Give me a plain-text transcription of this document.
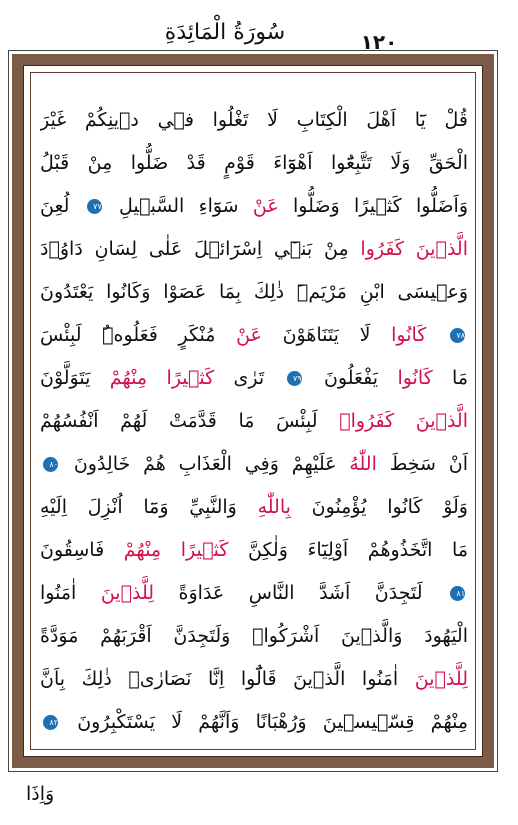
١٢٠
سُورَةُ الْمَائِدَةِ
قُلْ يَٓا اَهْلَ الْكِتَابِ لَا تَغْلُوا ف۪ي د۪ينِكُمْ غَيْرَ
الْحَقِّ وَلَا تَتَّبِعُٓوا اَهْوَٓاءَ قَوْمٍ قَدْ ضَلُّوا مِنْ قَبْلُ
وَاَضَلُّوا كَث۪يرًا وَضَلُّوا عَنْ سَوَٓاءِ السَّب۪يلِ ٧٧ لُعِنَ
الَّذ۪ينَ كَفَرُوا مِنْ بَن۪ٓي اِسْرَٓائ۪لَ عَلٰى لِسَانِ دَاوُ۫دَ
وَع۪يسَى ابْنِ مَرْيَمَۜ ذٰلِكَ بِمَا عَصَوْا وَكَانُوا يَعْتَدُونَ
٧٨ كَانُوا لَا يَتَنَاهَوْنَ عَنْ مُنْكَرٍ فَعَلُوهُۜ لَبِئْسَ
مَا كَانُوا يَفْعَلُونَ ٧٩ تَرٰى كَث۪يرًا مِنْهُمْ يَتَوَلَّوْنَ
الَّذ۪ينَ كَفَرُواۜ لَبِئْسَ مَا قَدَّمَتْ لَهُمْ اَنْفُسُهُمْ
اَنْ سَخِطَ اللّٰهُ عَلَيْهِمْ وَفِي الْعَذَابِ هُمْ خَالِدُونَ ٨٠
وَلَوْ كَانُوا يُؤْمِنُونَ بِاللّٰهِ وَالنَّبِيِّ وَمَٓا اُنْزِلَ اِلَيْهِ
مَا اتَّخَذُوهُمْ اَوْلِيَٓاءَ وَلٰكِنَّ كَث۪يرًا مِنْهُمْ فَاسِقُونَ
٨١ لَتَجِدَنَّ اَشَدَّ النَّاسِ عَدَاوَةً لِلَّذ۪ينَ اٰمَنُوا
الْيَهُودَ وَالَّذ۪ينَ اَشْرَكُواۚ وَلَتَجِدَنَّ اَقْرَبَهُمْ مَوَدَّةً
لِلَّذ۪ينَ اٰمَنُوا الَّذ۪ينَ قَالُٓوا اِنَّا نَصَارٰىۜ ذٰلِكَ بِاَنَّ
مِنْهُمْ قِسّ۪يس۪ينَ وَرُهْبَانًا وَاَنَّهُمْ لَا يَسْتَكْبِرُونَ ٨٢
وَاِذَا
